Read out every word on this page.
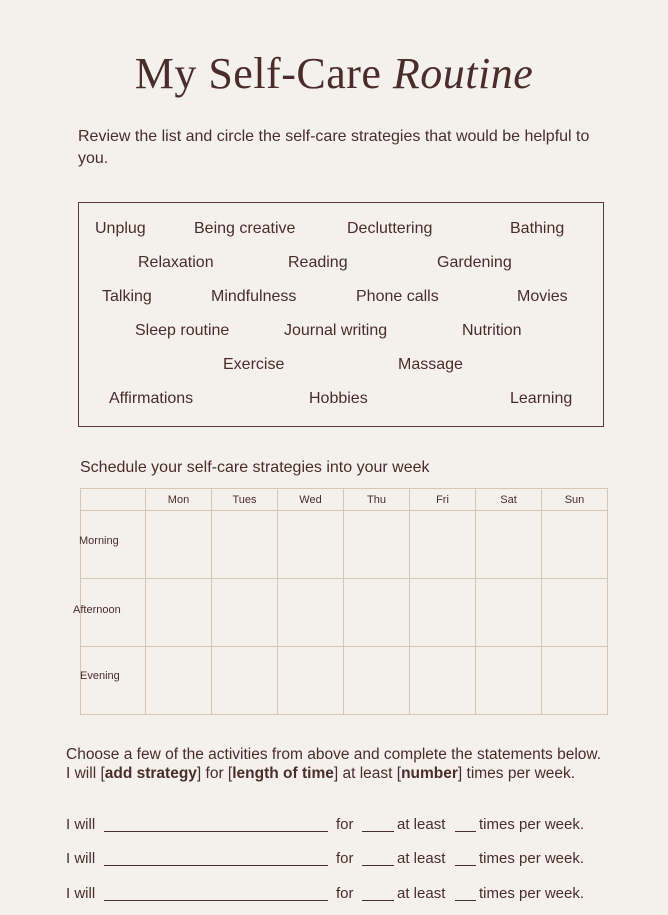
My Self-Care Routine
Review the list and circle the self-care strategies that would be helpful to you.
Unplug	Being creative	Decluttering	Bathing
Relaxation	Reading	Gardening
Talking	Mindfulness	Phone calls	Movies
Sleep routine	Journal writing	Nutrition
Exercise	Massage
Affirmations	Hobbies	Learning
Schedule your self-care strategies into your week
	Mon	Tues	Wed	Thu	Fri	Sat	Sun

Morning
Afternoon
Evening
Choose a few of the activities from above and complete the statements below. I will [add strategy] for [length of time] at least [number] times per week.
I will	for	at least times per week.
I will	for	at least times per week.
I will	for	at least times per week.
